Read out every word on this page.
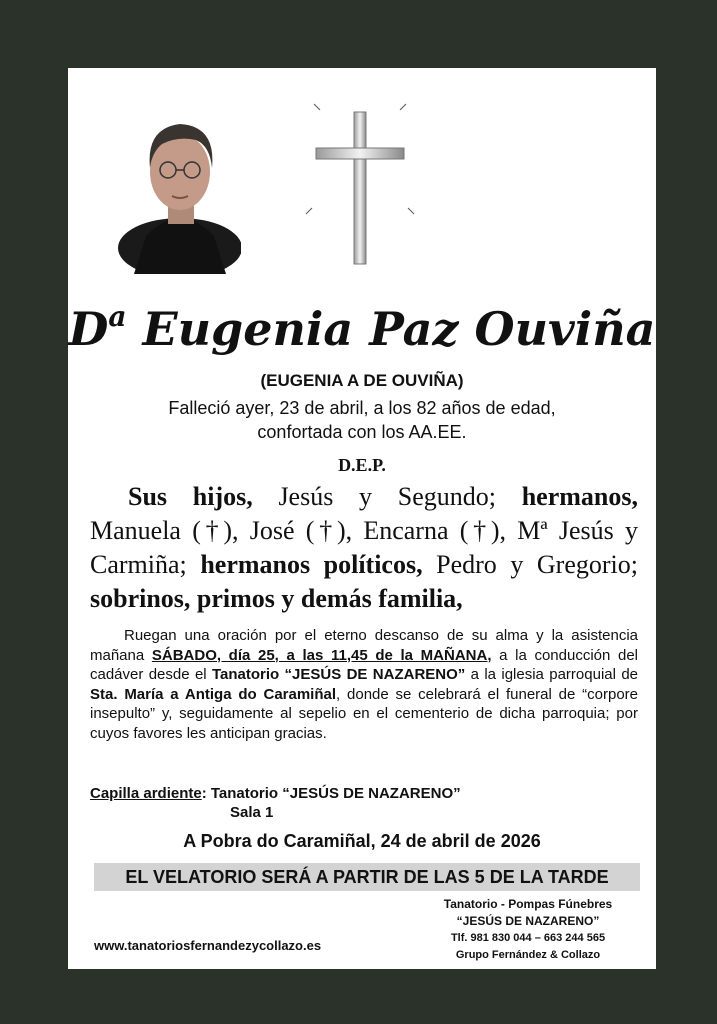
$D^a$ Eugenia Paz Ouviña
(EUGENIA A DE OUVIÑA)
Falleció ayer, 23 de abril, a los 82 años de edad,
confortada con los AA.EE.
D.E.P.
Sus hijos, Jesús y Segundo; hermanos, Manuela (†), José (†), Encarna (†), Mª Jesús y Carmiña; hermanos políticos, Pedro y Gregorio; sobrinos, primos y demás familia,
Ruegan una oración por el eterno descanso de su alma y la asistencia mañana SÁBADO, día 25, a las 11,45 de la MAÑANA, a la conducción del cadáver desde el Tanatorio “JESÚS DE NAZARENO” a la iglesia parroquial de Sta. María a Antiga do Caramiñal, donde se celebrará el funeral de “corpore insepulto” y, seguidamente al sepelio en el cementerio de dicha parroquia; por cuyos favores les anticipan gracias.
Capilla ardiente: Tanatorio “JESÚS DE NAZARENO”
Sala 1
A Pobra do Caramiñal, 24 de abril de 2026
EL VELATORIO SERÁ A PARTIR DE LAS 5 DE LA TARDE
Tanatorio - Pompas Fúnebres
“JESÚS DE NAZARENO”
Tlf. 981 830 044 – 663 244 565
Grupo Fernández & Collazo
www.tanatoriosfernandezycollazo.es
